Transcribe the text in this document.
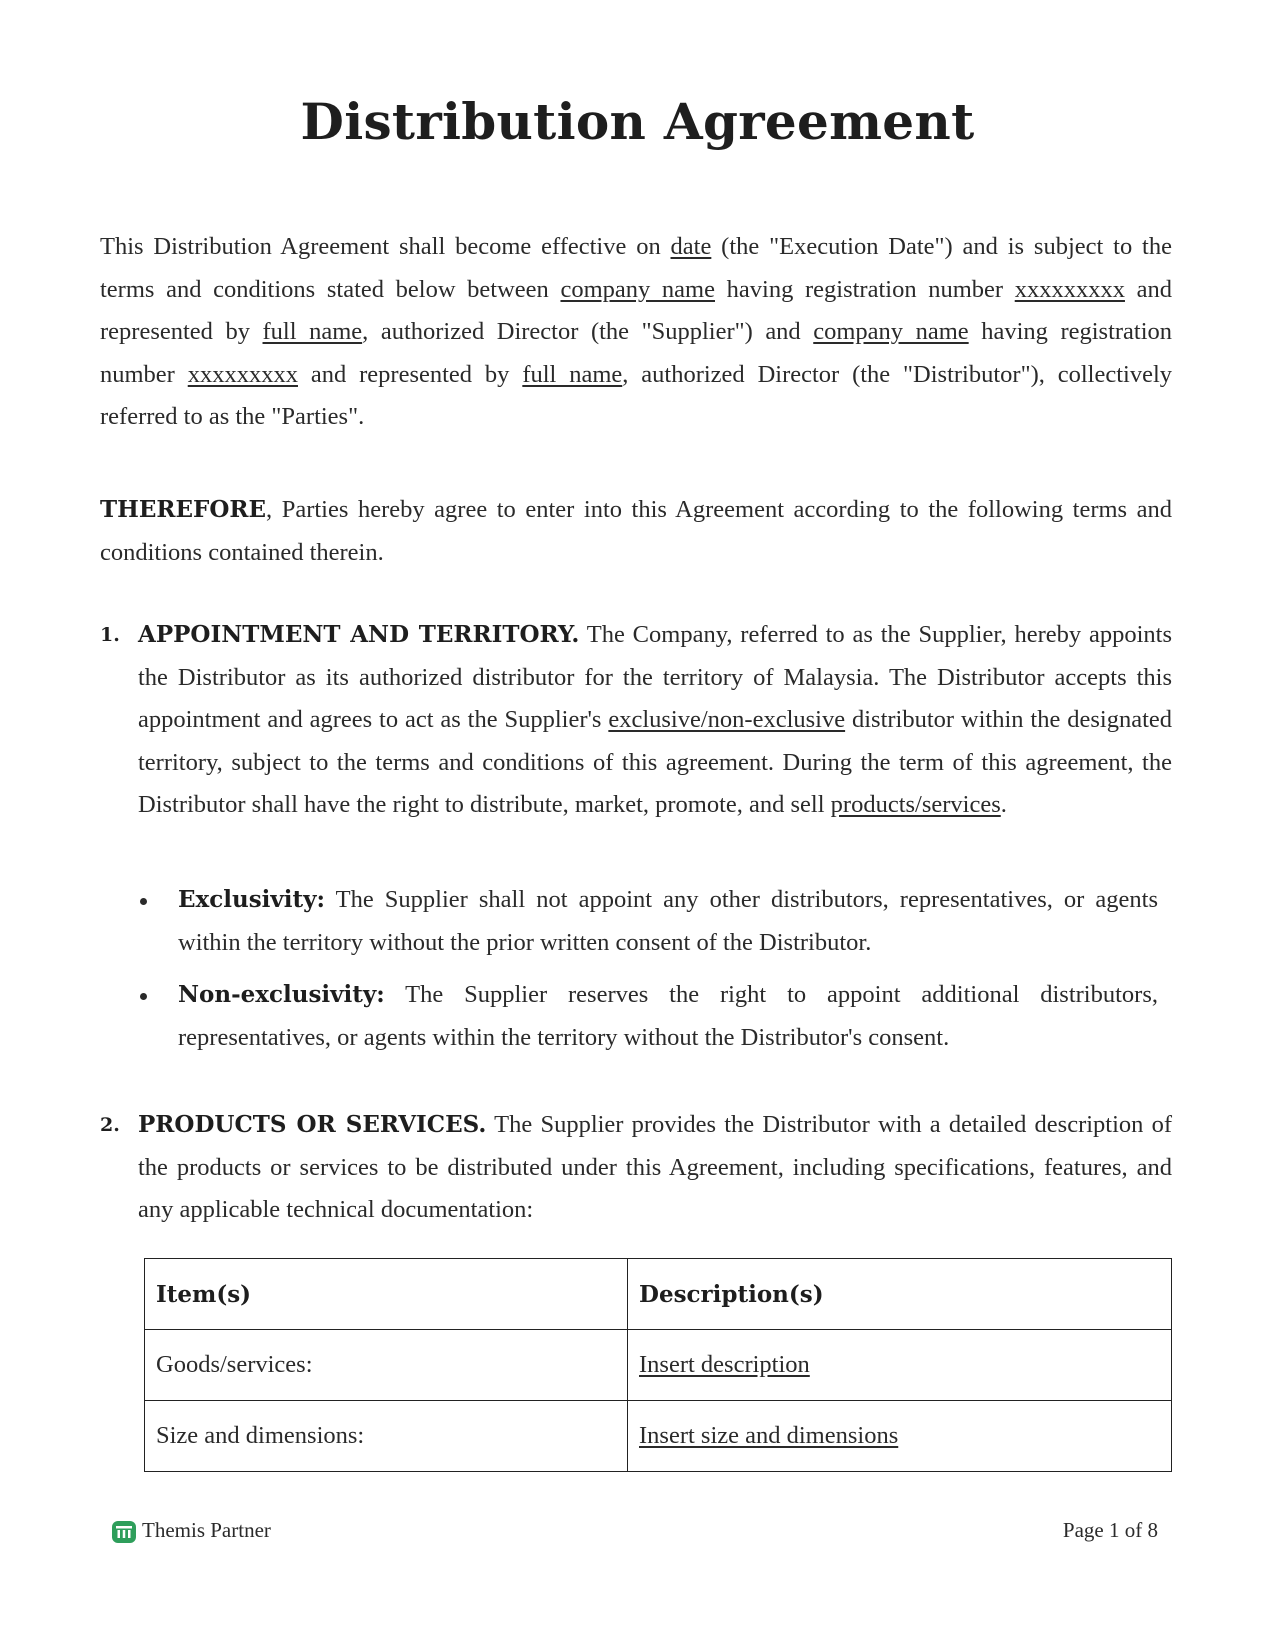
Distribution Agreement

This Distribution Agreement shall become effective on date (the "Execution Date") and is subject to the terms and conditions stated below between company name having registration number xxxxxxxxx and represented by full name, authorized Director (the "Supplier") and company name having registration number xxxxxxxxx and represented by full name, authorized Director (the "Distributor"), collectively referred to as the "Parties".

THEREFORE, Parties hereby agree to enter into this Agreement according to the following terms and conditions contained therein.

1. APPOINTMENT AND TERRITORY. The Company, referred to as the Supplier, hereby appoints the Distributor as its authorized distributor for the territory of Malaysia. The Distributor accepts this appointment and agrees to act as the Supplier's exclusive/non-exclusive distributor within the designated territory, subject to the terms and conditions of this agreement. During the term of this agreement, the Distributor shall have the right to distribute, market, promote, and sell products/services.

Exclusivity: The Supplier shall not appoint any other distributors, representatives, or agents within the territory without the prior written consent of the Distributor.

Non-exclusivity: The Supplier reserves the right to appoint additional distributors, representatives, or agents within the territory without the Distributor's consent.

2. PRODUCTS OR SERVICES. The Supplier provides the Distributor with a detailed description of the products or services to be distributed under this Agreement, including specifications, features, and any applicable technical documentation:

Item(s)	Description(s)
Goods/services:	Insert description
Size and dimensions:	Insert size and dimensions
Themis Partner	Page 1 of 8
